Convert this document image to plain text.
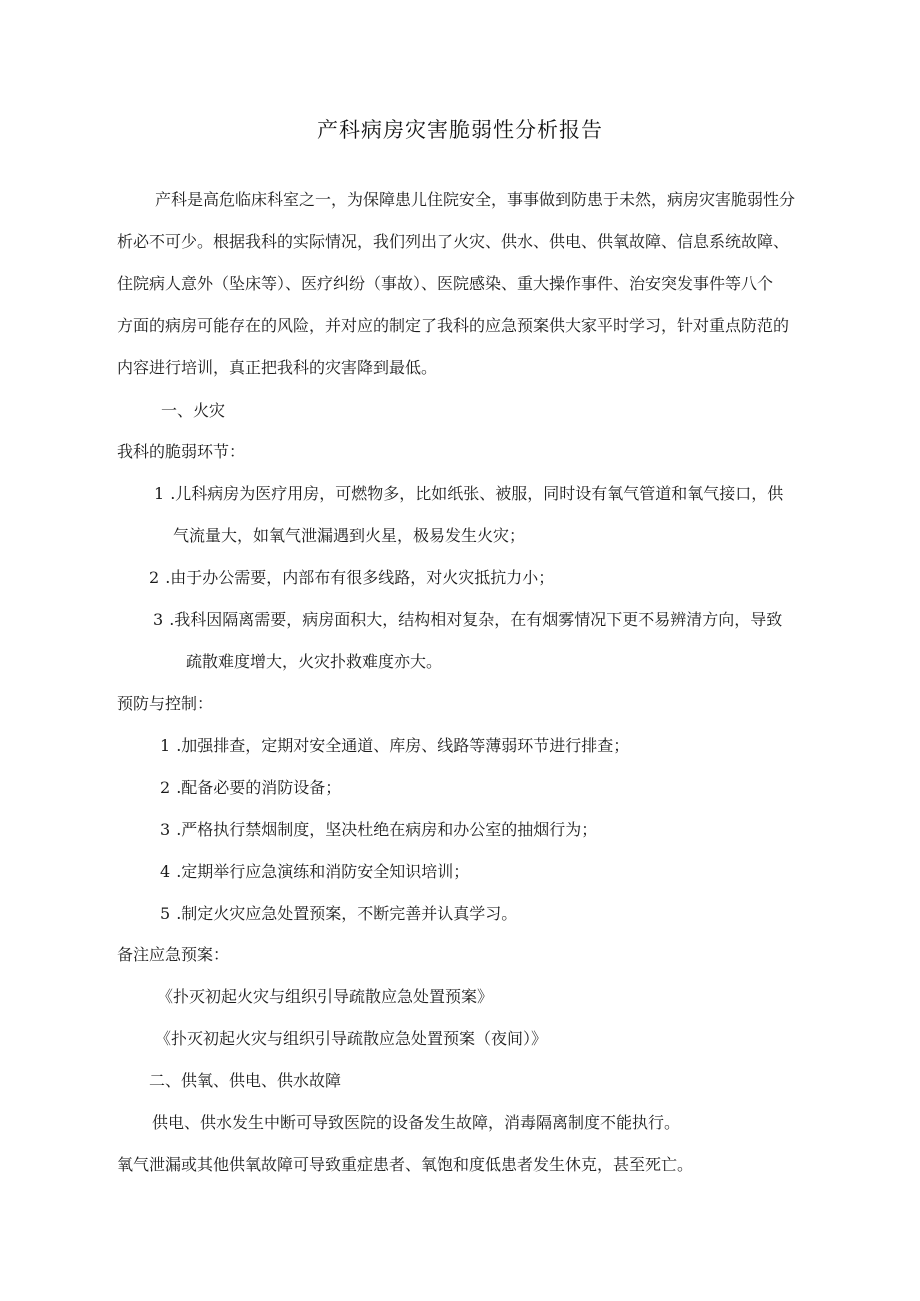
产科病房灾害脆弱性分析报告
产科是高危临床科室之一，为保障患儿住院安全，事事做到防患于未然，病房灾害脆弱性分
析必不可少。根据我科的实际情况，我们列出了火灾、供水、供电、供氧故障、信息系统故障、
住院病人意外（坠床等）、医疗纠纷（事故）、医院感染、重大操作事件、治安突发事件等八个
方面的病房可能存在的风险，并对应的制定了我科的应急预案供大家平时学习，针对重点防范的
内容进行培训，真正把我科的灾害降到最低。
一、火灾
我科的脆弱环节：
1 .儿科病房为医疗用房，可燃物多，比如纸张、被服，同时设有氧气管道和氧气接口，供
气流量大，如氧气泄漏遇到火星，极易发生火灾；
2 .由于办公需要，内部布有很多线路，对火灾抵抗力小；
3 .我科因隔离需要，病房面积大，结构相对复杂，在有烟雾情况下更不易辨清方向，导致
疏散难度增大，火灾扑救难度亦大。
预防与控制：
1 .加强排查，定期对安全通道、库房、线路等薄弱环节进行排查；
2 .配备必要的消防设备；
3 .严格执行禁烟制度，坚决杜绝在病房和办公室的抽烟行为；
4 .定期举行应急演练和消防安全知识培训；
5 .制定火灾应急处置预案，不断完善并认真学习。
备注应急预案：
《扑灭初起火灾与组织引导疏散应急处置预案》
《扑灭初起火灾与组织引导疏散应急处置预案（夜间）》
二、供氧、供电、供水故障
供电、供水发生中断可导致医院的设备发生故障，消毒隔离制度不能执行。
氧气泄漏或其他供氧故障可导致重症患者、氧饱和度低患者发生休克，甚至死亡。
